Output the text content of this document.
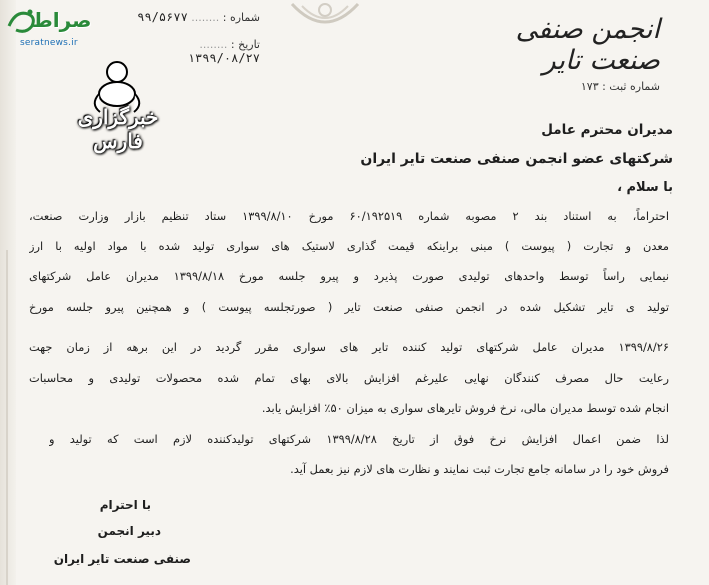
صراط
seratnews.ir
خبرگزاری فارس
شماره : ........ ۹۹/۵۶۷۷
تاریخ : ........ ۱۳۹۹/۰۸/۲۷
انجمن صنفی صنعت تایر
شماره ثبت : ۱۷۳
مدیران محترم عامل
شرکتهای عضو انجمن صنفی صنعت تایر ایران
با سلام ،
احتراماً، به استناد بند ۲ مصوبه شماره ۶۰/۱۹۲۵۱۹ مورخ ۱۳۹۹/۸/۱۰ ستاد تنظیم بازار وزارت صنعت،
معدن و تجارت ( پیوست ) مبنی براینکه قیمت گذاری لاستیک های سواری تولید شده با مواد اولیه با ارز
نیمایی راساً توسط واحدهای تولیدی صورت پذیرد و پیرو جلسه مورخ ۱۳۹۹/۸/۱۸ مدیران عامل شرکتهای
تولید ی تایر تشکیل شده در انجمن صنفی صنعت تایر ( صورتجلسه پیوست ) و همچنین پیرو جلسه مورخ
۱۳۹۹/۸/۲۶ مدیران عامل شرکتهای تولید کننده تایر های سواری مقرر گردید در این برهه از زمان جهت
رعایت حال مصرف کنندگان نهایی علیرغم افزایش بالای بهای تمام شده محصولات تولیدی و محاسبات
انجام شده توسط مدیران مالی، نرخ فروش تایرهای سواری به میزان ۵۰٪ افزایش یابد.
لذا ضمن اعمال افزایش نرخ فوق از تاریخ ۱۳۹۹/۸/۲۸ شرکتهای تولیدکننده لازم است که تولید و
فروش خود را در سامانه جامع تجارت ثبت نمایند و نظارت های لازم نیز بعمل آید.
با احترام
دبیر انجمن
صنفی صنعت تایر ایران
